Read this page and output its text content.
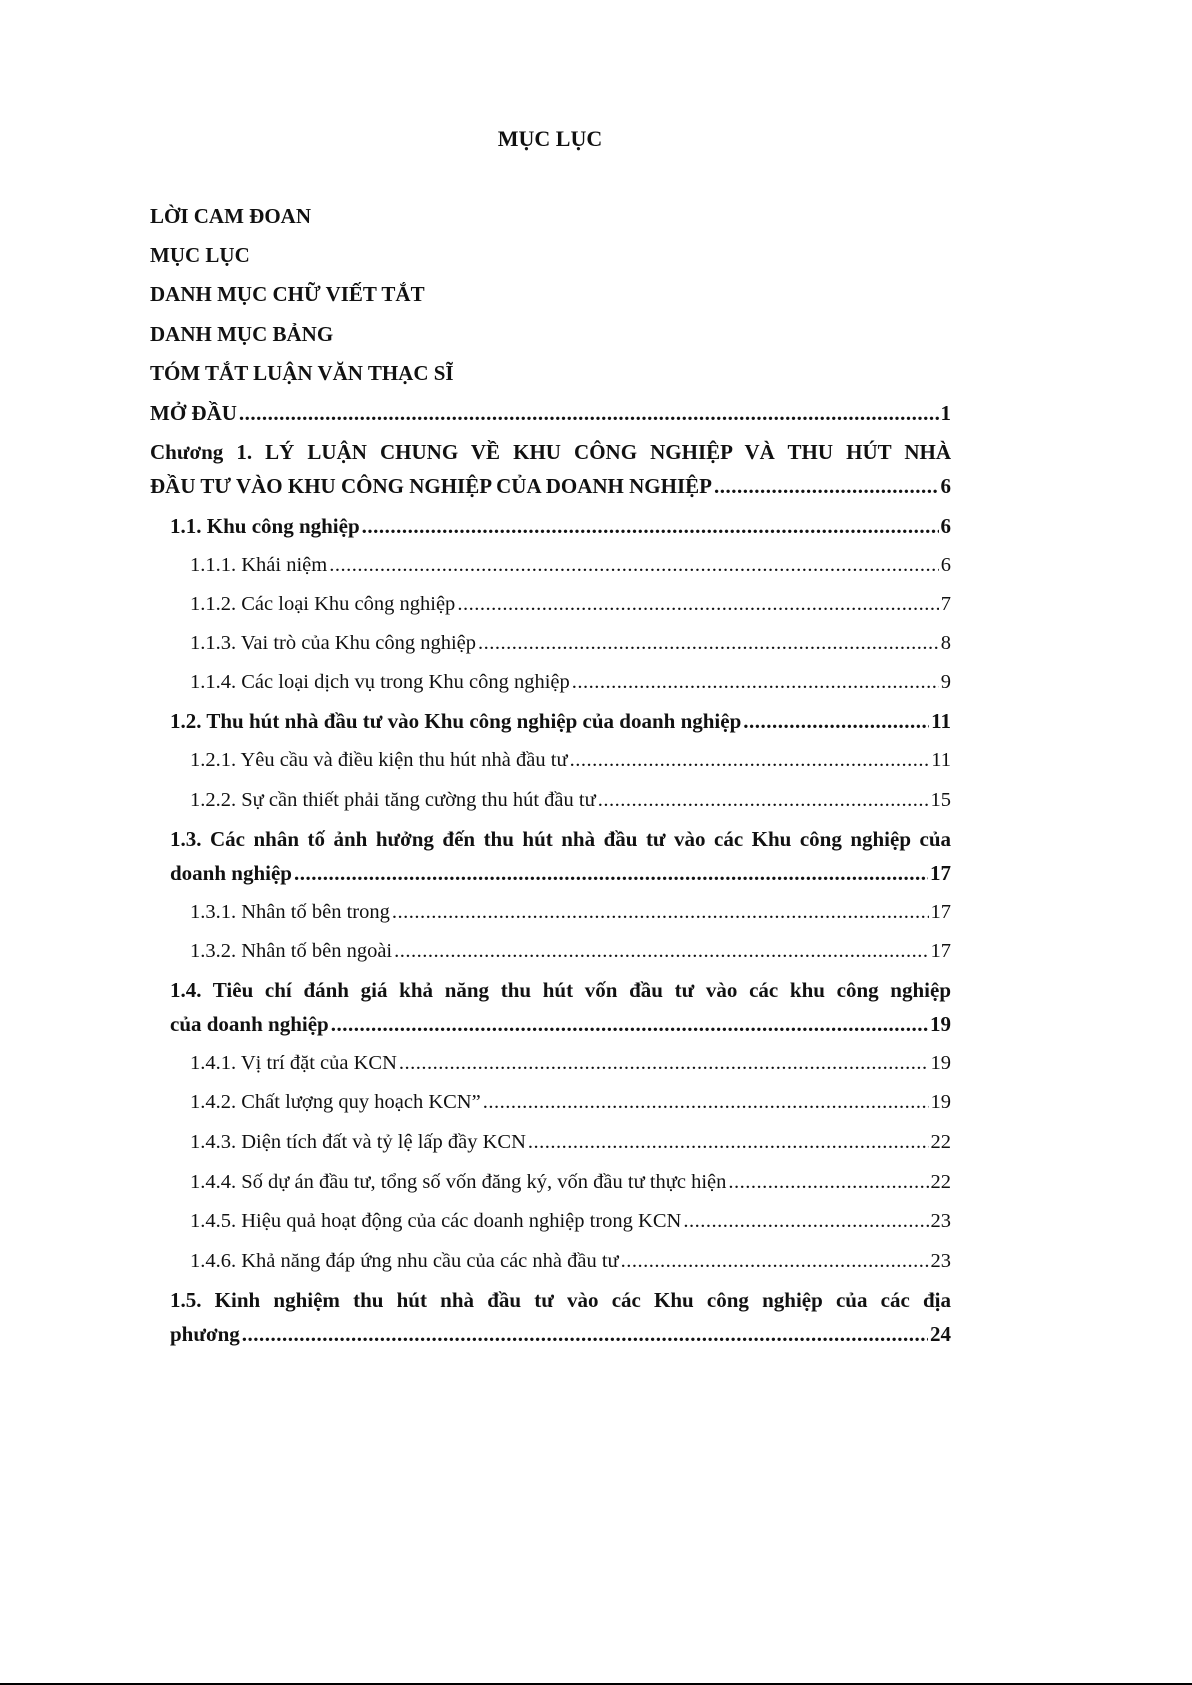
MỤC LỤC
LỜI CAM ĐOAN
MỤC LỤC
DANH MỤC CHỮ VIẾT TẮT
DANH MỤC BẢNG
TÓM TẮT LUẬN VĂN THẠC SĨ
MỞ ĐẦU .....	1
Chương 1. LÝ LUẬN CHUNG VỀ KHU CÔNG NGHIỆP VÀ THU HÚT NHÀ
ĐẦU TƯ VÀO KHU CÔNG NGHIỆP CỦA DOANH NGHIỆP .....	6
1.1. Khu công nghiệp .....	6
1.1.1. Khái niệm .....	6
1.1.2. Các loại Khu công nghiệp .....	7
1.1.3. Vai trò của Khu công nghiệp .....	8
1.1.4. Các loại dịch vụ trong Khu công nghiệp .....	9
1.2. Thu hút nhà đầu tư vào Khu công nghiệp của doanh nghiệp .....	11
1.2.1. Yêu cầu và điều kiện thu hút nhà đầu tư .....	11
1.2.2. Sự cần thiết phải tăng cường thu hút đầu tư .....	15
1.3. Các nhân tố ảnh hưởng đến thu hút nhà đầu tư vào các Khu công nghiệp của
doanh nghiệp .....	17
1.3.1. Nhân tố bên trong .....	17
1.3.2. Nhân tố bên ngoài .....	17
1.4. Tiêu chí đánh giá khả năng thu hút vốn đầu tư vào các khu công nghiệp
của doanh nghiệp .....	19
1.4.1. Vị trí đặt của KCN .....	19
1.4.2. Chất lượng quy hoạch KCN” .....	19
1.4.3. Diện tích đất và tỷ lệ lấp đầy KCN .....	22
1.4.4. Số dự án đầu tư, tổng số vốn đăng ký, vốn đầu tư thực hiện .....	22
1.4.5. Hiệu quả hoạt động của các doanh nghiệp trong KCN .....	23
1.4.6. Khả năng đáp ứng nhu cầu của các nhà đầu tư .....	23
1.5. Kinh nghiệm thu hút nhà đầu tư vào các Khu công nghiệp của các địa
phương .....	24
